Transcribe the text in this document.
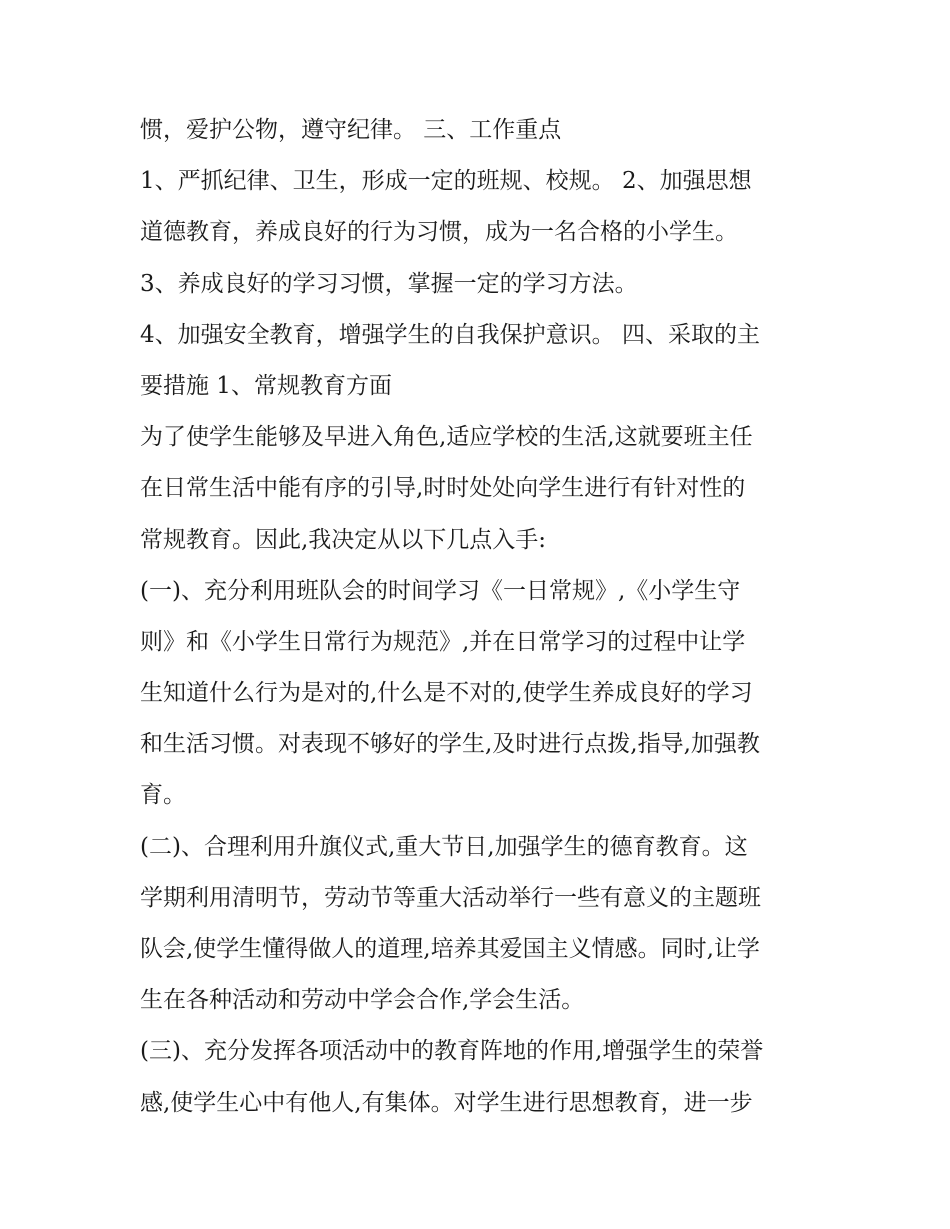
惯，爱护公物，遵守纪律。 三、工作重点
1、严抓纪律、卫生，形成一定的班规、校规。 2、加强思想
道德教育，养成良好的行为习惯，成为一名合格的小学生。
3、养成良好的学习习惯，掌握一定的学习方法。
4、加强安全教育，增强学生的自我保护意识。 四、采取的主
要措施 1、常规教育方面
为了使学生能够及早进入角色,适应学校的生活,这就要班主任
在日常生活中能有序的引导,时时处处向学生进行有针对性的
常规教育。因此,我决定从以下几点入手:
(一)、充分利用班队会的时间学习《一日常规》,《小学生守
则》和《小学生日常行为规范》,并在日常学习的过程中让学
生知道什么行为是对的,什么是不对的,使学生养成良好的学习
和生活习惯。对表现不够好的学生,及时进行点拨,指导,加强教
育。
(二)、合理利用升旗仪式,重大节日,加强学生的德育教育。这
学期利用清明节，劳动节等重大活动举行一些有意义的主题班
队会,使学生懂得做人的道理,培养其爱国主义情感。同时,让学
生在各种活动和劳动中学会合作,学会生活。
(三)、充分发挥各项活动中的教育阵地的作用,增强学生的荣誉
感,使学生心中有他人,有集体。对学生进行思想教育，进一步
